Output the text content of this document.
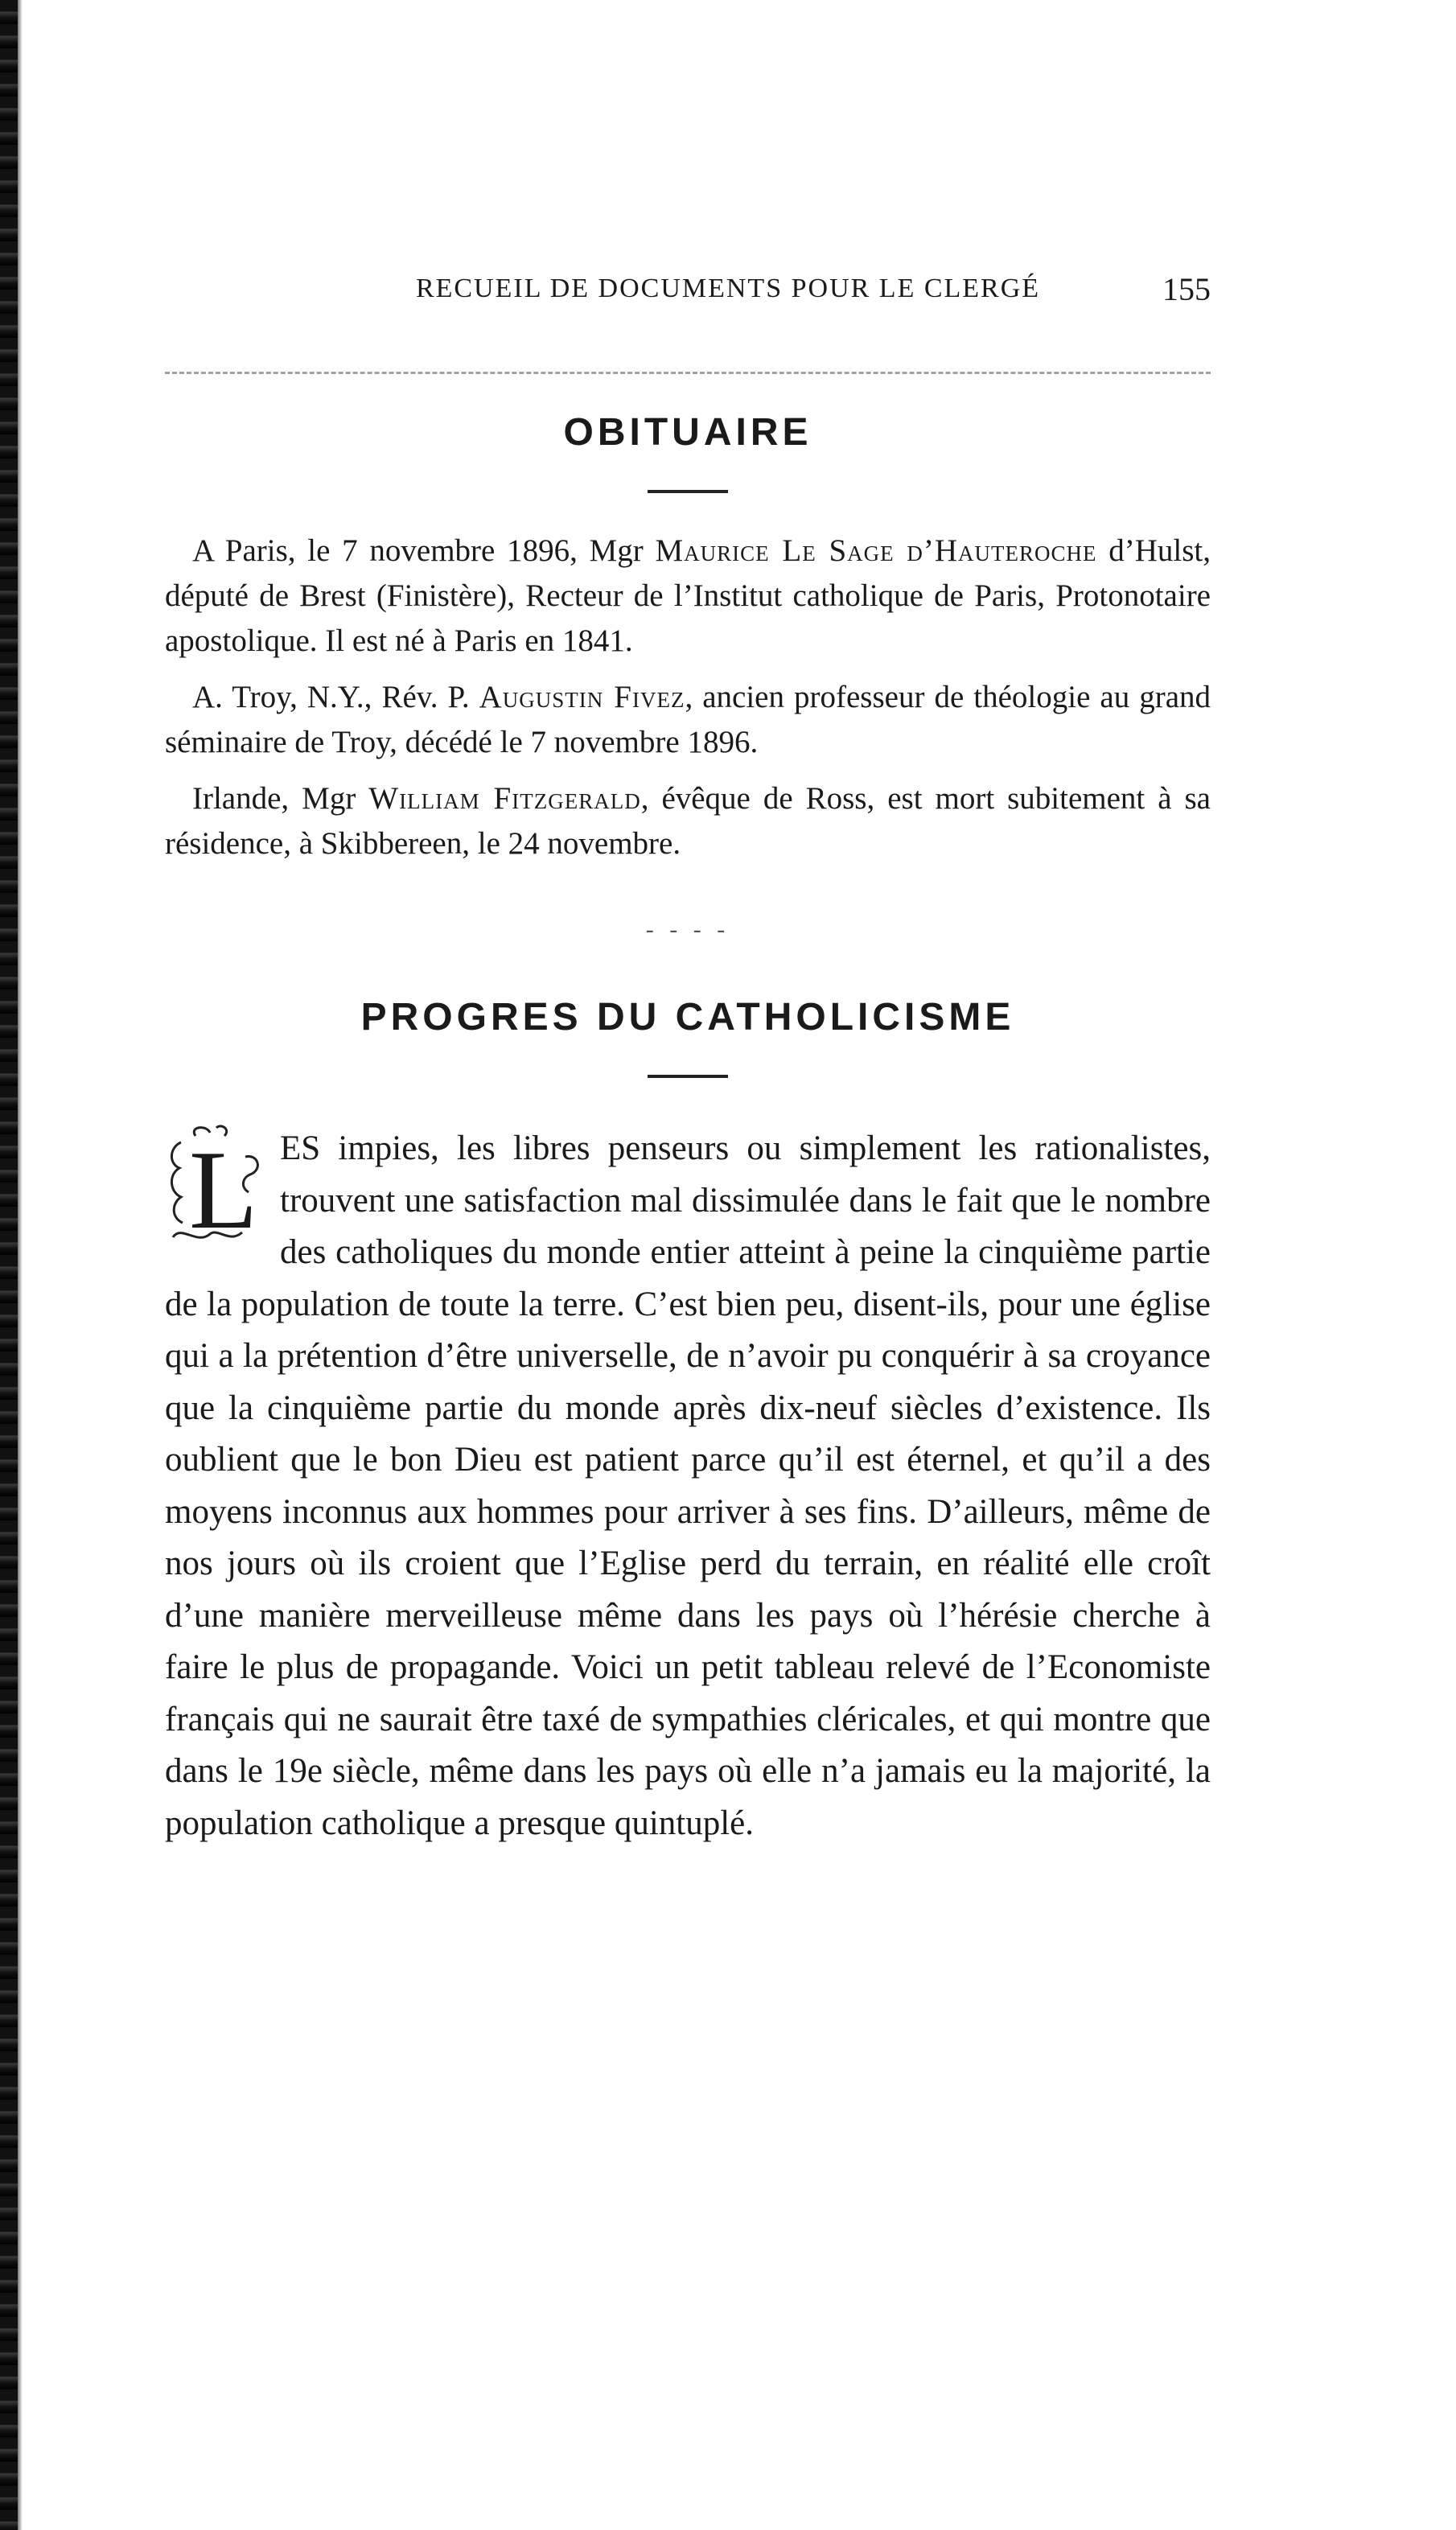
RECUEIL DE DOCUMENTS POUR LE CLERGÉ	155
OBITUAIRE

A Paris, le 7 novembre 1896, Mgr Maurice Le Sage d’Hauteroche d’Hulst, député de Brest (Finistère), Recteur de l’Institut catholique de Paris, Protonotaire apostolique. Il est né à Paris en 1841.

A. Troy, N.Y., Rév. P. Augustin Fivez, ancien professeur de théologie au grand séminaire de Troy, décédé le 7 novembre 1896.

Irlande, Mgr William Fitzgerald, évêque de Ross, est mort subitement à sa résidence, à Skibbereen, le 24 novembre.

- - - -
PROGRES DU CATHOLICISME
L ES impies, les libres penseurs ou simplement les rationalistes, trouvent une satisfaction mal dissimulée dans le fait que le nombre des catholiques du monde entier atteint à peine la cinquième partie de la population de toute la terre. C’est bien peu, disent-ils, pour une église qui a la prétention d’être universelle, de n’avoir pu conquérir à sa croyance que la cinquième partie du monde après dix-neuf siècles d’existence. Ils oublient que le bon Dieu est patient parce qu’il est éternel, et qu’il a des moyens inconnus aux hommes pour arriver à ses fins. D’ailleurs, même de nos jours où ils croient que l’Eglise perd du terrain, en réalité elle croît d’une manière merveilleuse même dans les pays où l’hérésie cherche à faire le plus de propagande. Voici un petit tableau relevé de l’Economiste français qui ne saurait être taxé de sympathies cléricales, et qui montre que dans le 19e siècle, même dans les pays où elle n’a jamais eu la majorité, la population catholique a presque quintuplé.
